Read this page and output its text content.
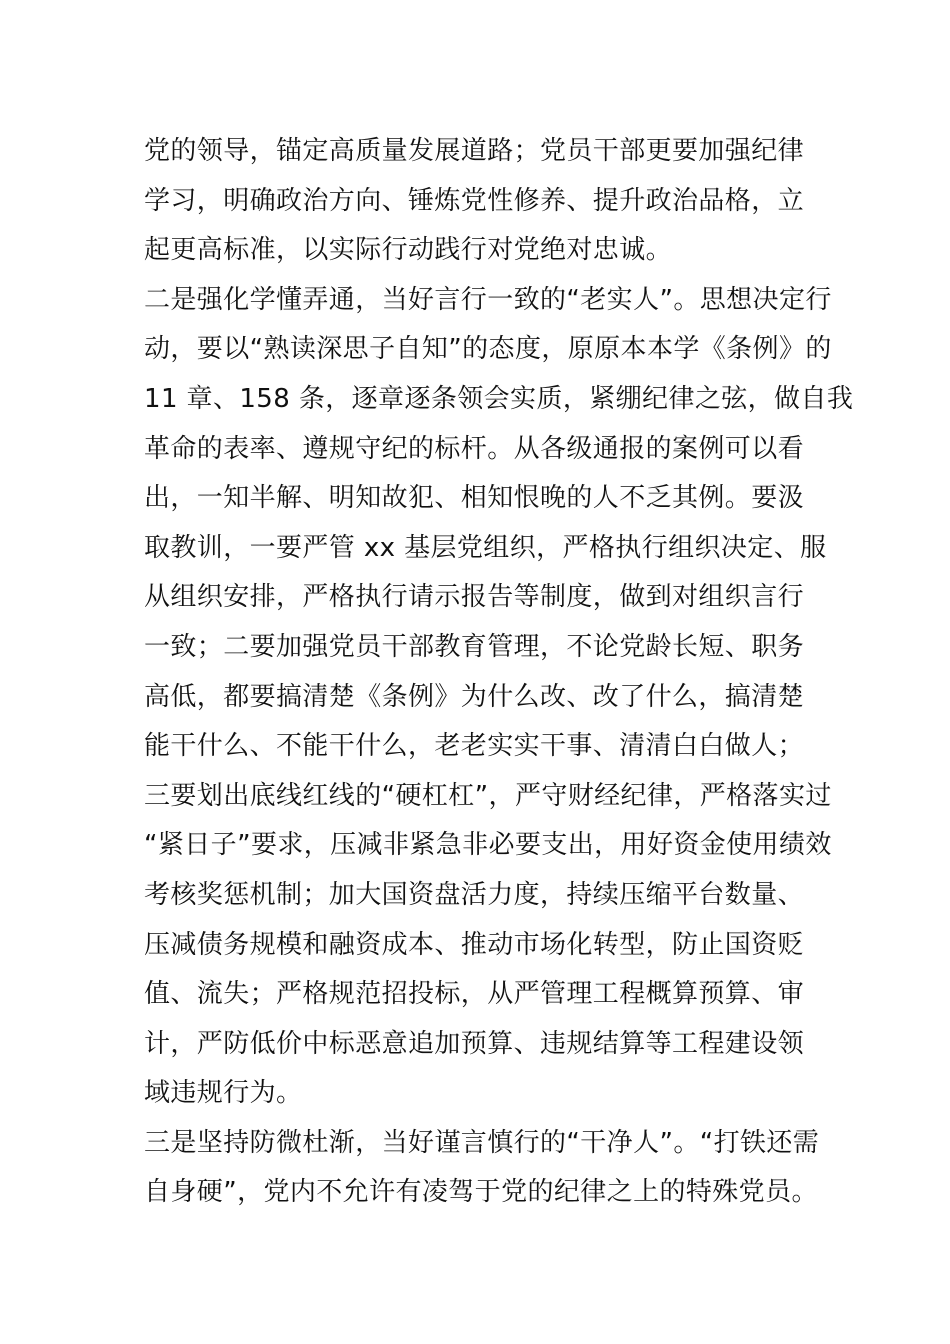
党的领导，锚定高质量发展道路；党员干部更要加强纪律
学习，明确政治方向、锤炼党性修养、提升政治品格，立
起更高标准，以实际行动践行对党绝对忠诚。
二是强化学懂弄通，当好言行一致的“老实人”。思想决定行
动，要以“熟读深思子自知”的态度，原原本本学《条例》的
11 章、158 条，逐章逐条领会实质，紧绷纪律之弦，做自我
革命的表率、遵规守纪的标杆。从各级通报的案例可以看
出，一知半解、明知故犯、相知恨晚的人不乏其例。要汲
取教训，一要严管 xx 基层党组织，严格执行组织决定、服
从组织安排，严格执行请示报告等制度，做到对组织言行
一致；二要加强党员干部教育管理，不论党龄长短、职务
高低，都要搞清楚《条例》为什么改、改了什么，搞清楚
能干什么、不能干什么，老老实实干事、清清白白做人；
三要划出底线红线的“硬杠杠”，严守财经纪律，严格落实过
“紧日子”要求，压减非紧急非必要支出，用好资金使用绩效
考核奖惩机制；加大国资盘活力度，持续压缩平台数量、
压减债务规模和融资成本、推动市场化转型，防止国资贬
值、流失；严格规范招投标，从严管理工程概算预算、审
计，严防低价中标恶意追加预算、违规结算等工程建设领
域违规行为。
三是坚持防微杜渐，当好谨言慎行的“干净人”。“打铁还需
自身硬”，党内不允许有凌驾于党的纪律之上的特殊党员。
